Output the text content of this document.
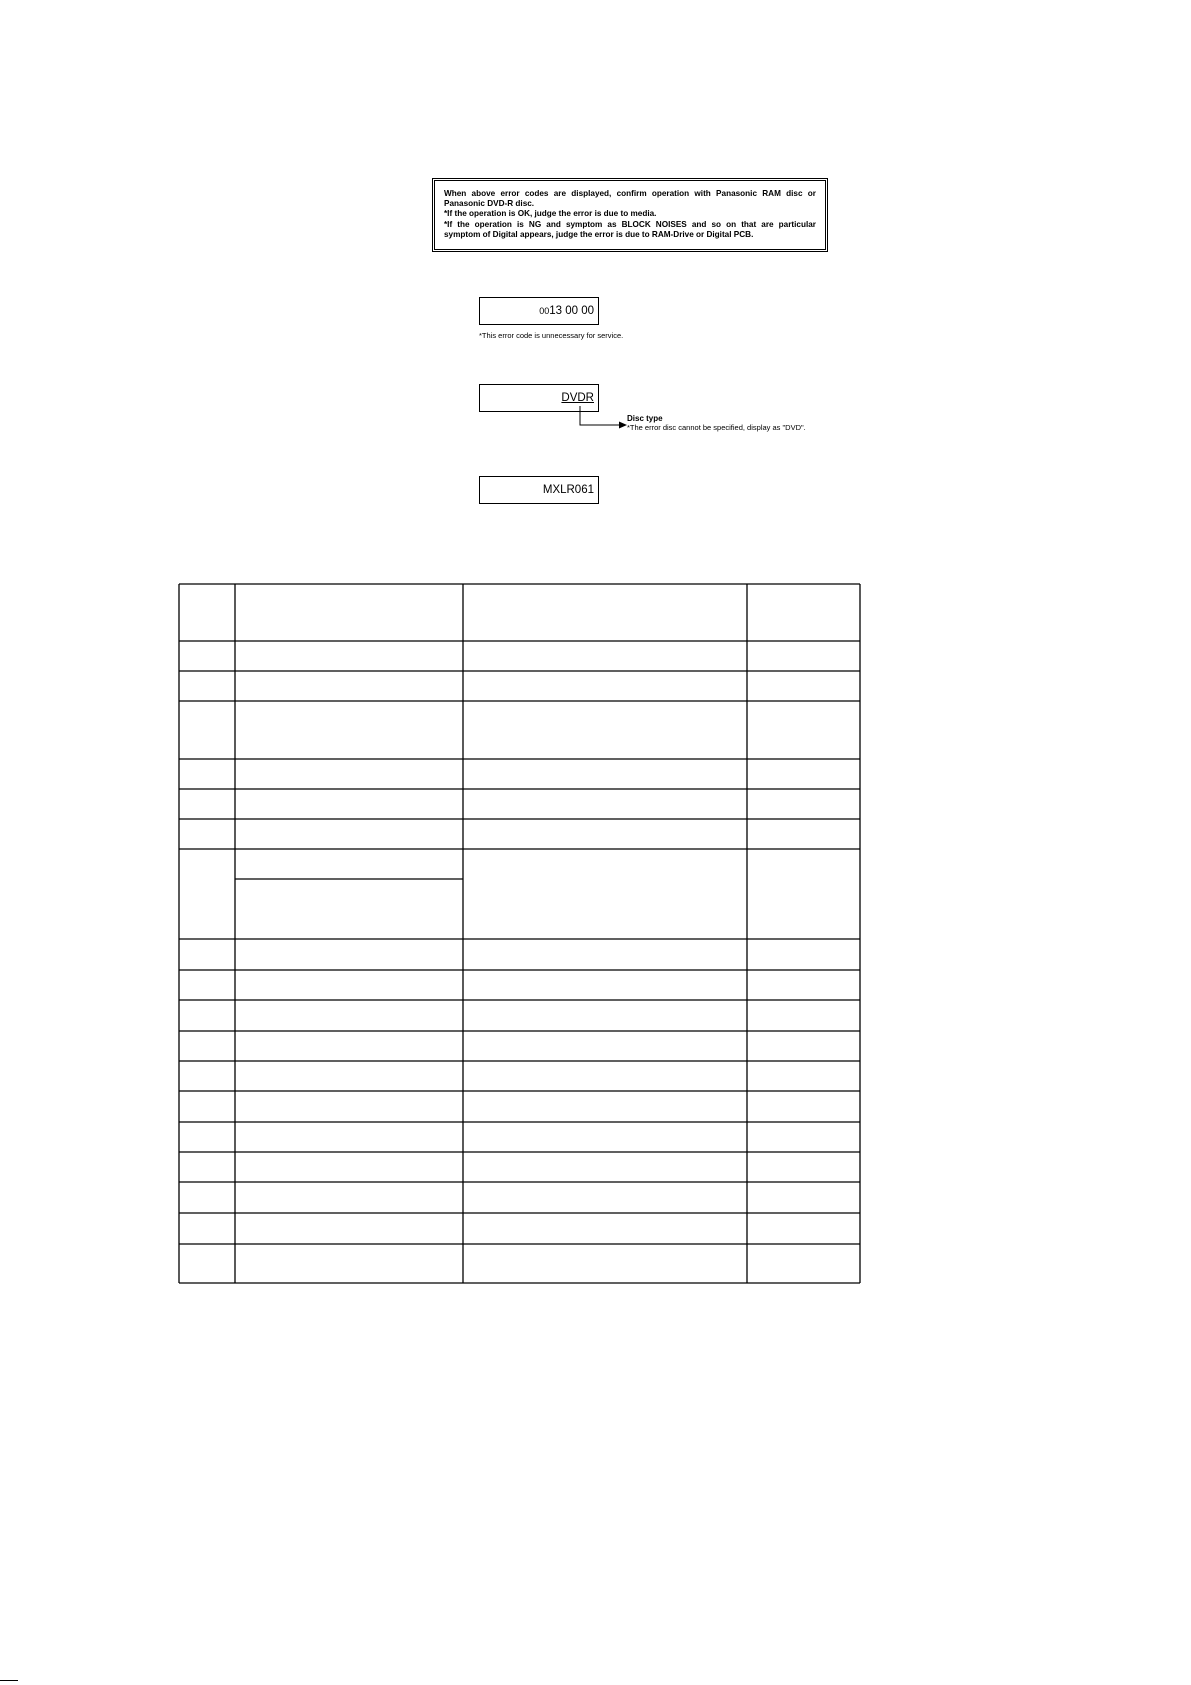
When above error codes are displayed, confirm operation with Panasonic RAM disc or
Panasonic DVD-R disc.
*If the operation is OK, judge the error is due to media.
*If the operation is NG and symptom as BLOCK NOISES and so on that are particular
symptom of Digital appears, judge the error is due to RAM-Drive or Digital PCB.
0013 00 00
*This error code is unnecessary for service.
DVDR
Disc type
*The error disc cannot be specified, display as "DVD".
MXLR061
